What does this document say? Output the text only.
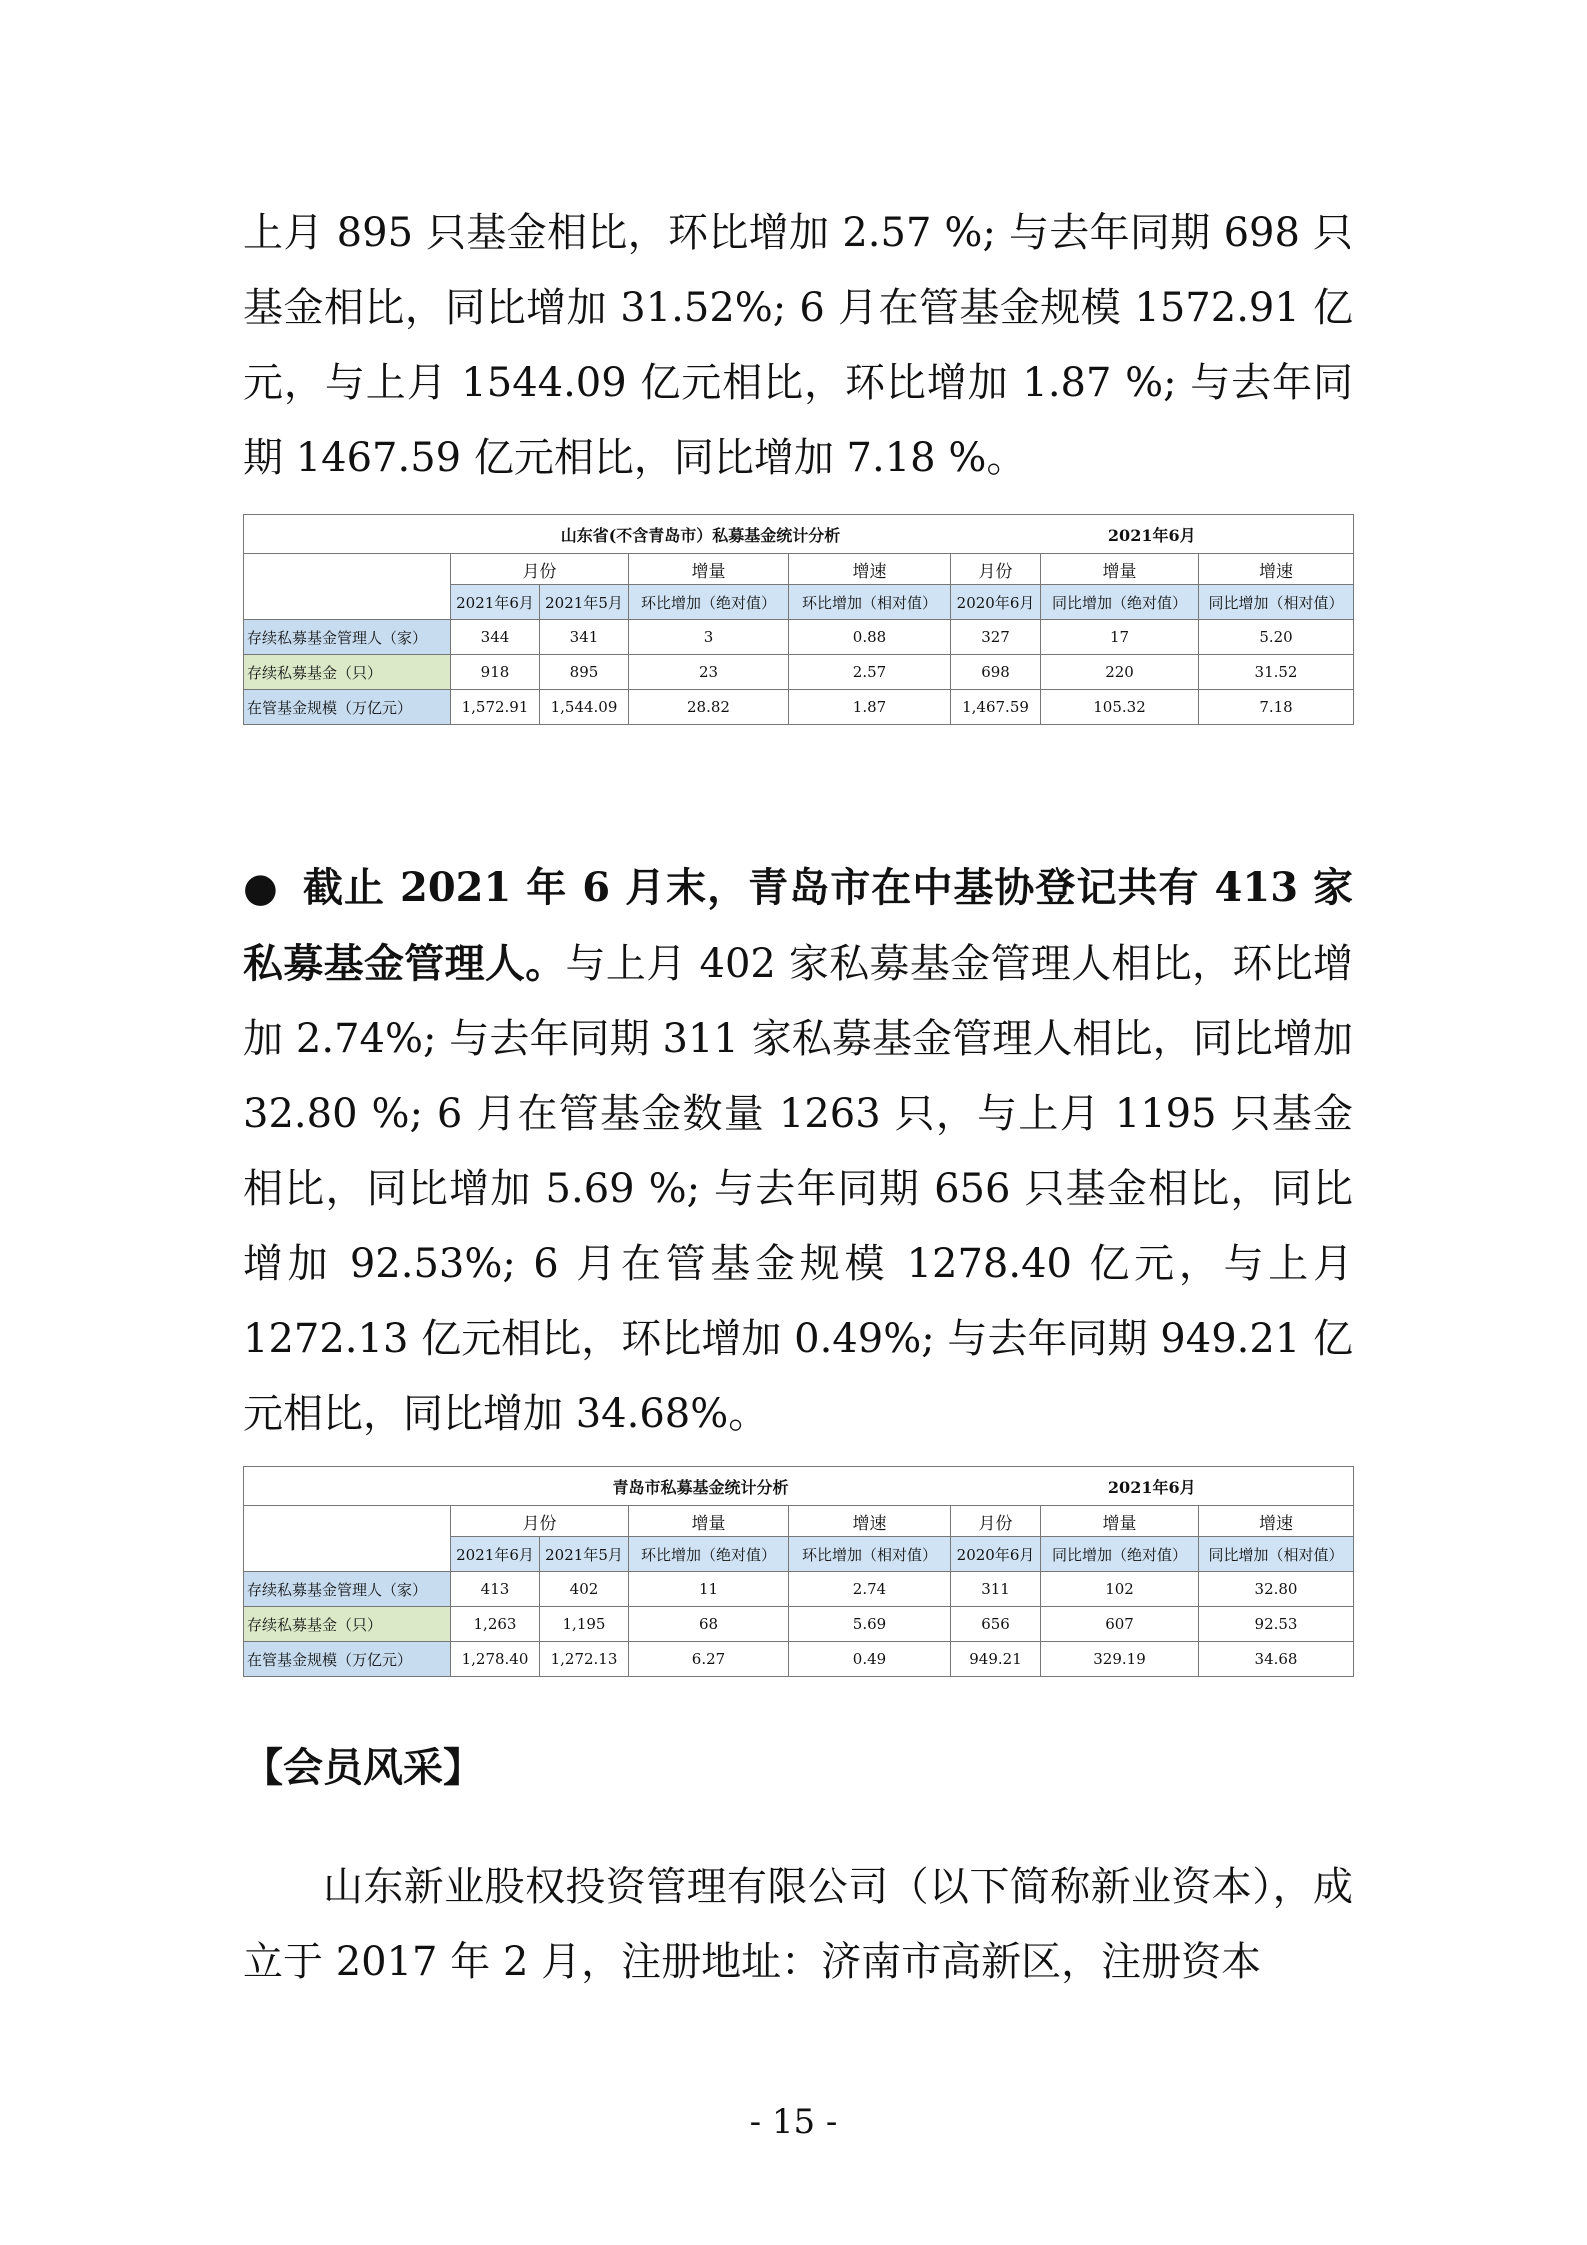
上月 895 只基金相比，环比增加 2.57 %; 与去年同期 698 只基金相比，同比增加 31.52%; 6 月在管基金规模 1572.91 亿元，与上月 1544.09 亿元相比，环比增加 1.87 %; 与去年同期 1467.59 亿元相比，同比增加 7.18 %。

	山东省(不含青岛市）私募基金统计分析				2021年6月		
	月份		增量	增速	月份	增量	增速
	2021年6月	2021年5月	环比增加（绝对值）	环比增加（相对值）	2020年6月	同比增加（绝对值）	同比增加（相对值）
存续私募基金管理人（家）	344	341	3	0.88	327	17	5.20
存续私募基金（只）	918	895	23	2.57	698	220	31.52
在管基金规模（万亿元）	1,572.91	1,544.09	28.82	1.87	1,467.59	105.32	7.18

● 截止 2021 年 6 月末，青岛市在中基协登记共有 413 家私募基金管理人。与上月 402 家私募基金管理人相比，环比增加 2.74%; 与去年同期 311 家私募基金管理人相比，同比增加 32.80 %; 6 月在管基金数量 1263 只，与上月 1195 只基金相比，同比增加 5.69 %; 与去年同期 656 只基金相比，同比增加 92.53%; 6 月在管基金规模 1278.40 亿元，与上月 1272.13 亿元相比，环比增加 0.49%; 与去年同期 949.21 亿元相比，同比增加 34.68%。

	青岛市私募基金统计分析				2021年6月		
	月份		增量	增速	月份	增量	增速
	2021年6月	2021年5月	环比增加（绝对值）	环比增加（相对值）	2020年6月	同比增加（绝对值）	同比增加（相对值）
存续私募基金管理人（家）	413	402	11	2.74	311	102	32.80
存续私募基金（只）	1,263	1,195	68	5.69	656	607	92.53
在管基金规模（万亿元）	1,278.40	1,272.13	6.27	0.49	949.21	329.19	34.68

【会员风采】

山东新业股权投资管理有限公司（以下简称新业资本），成立于 2017 年 2 月，注册地址：济南市高新区，注册资本

- 15 -
